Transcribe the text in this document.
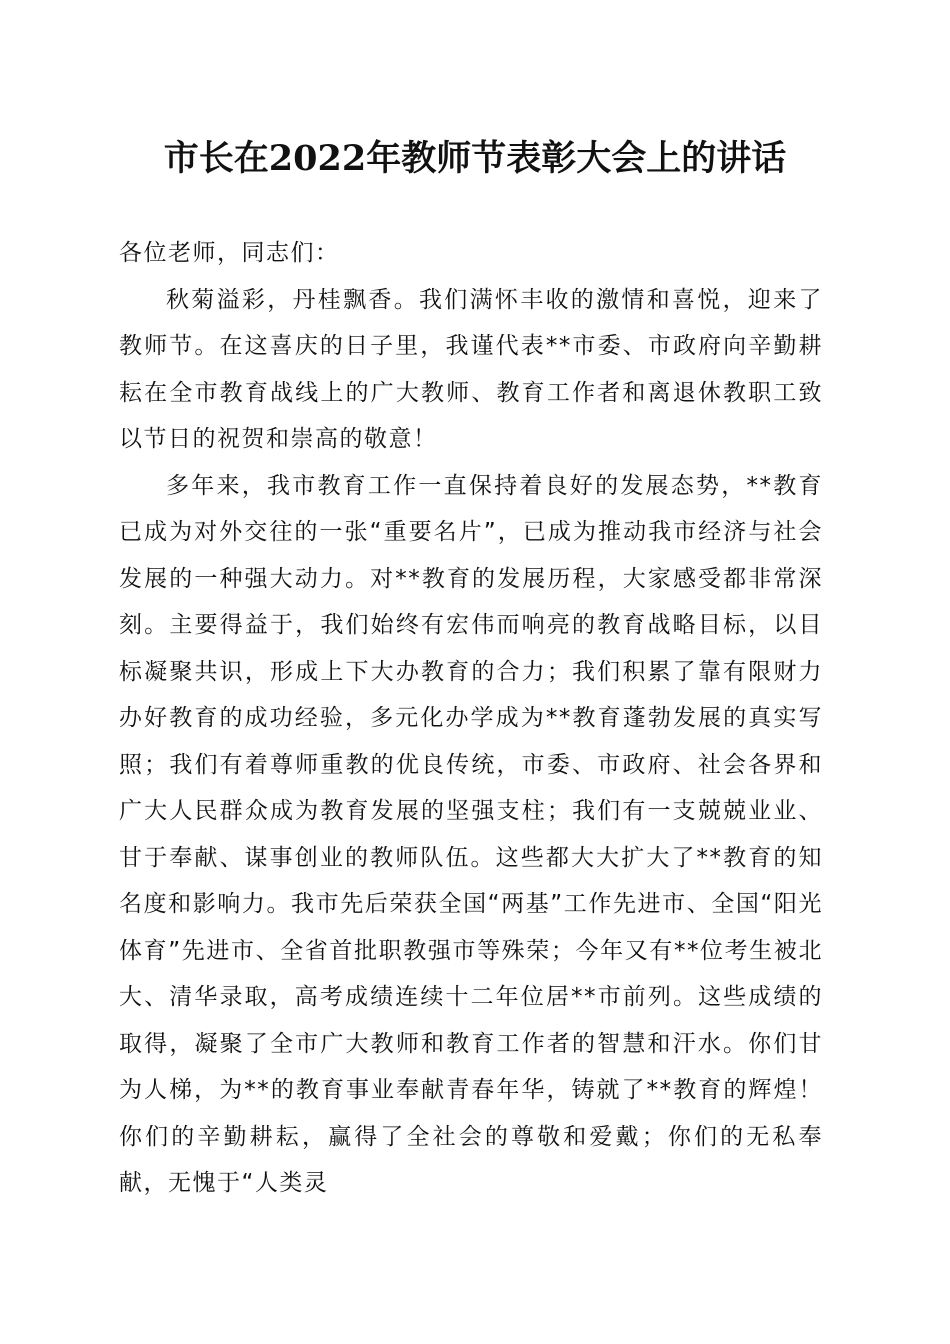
市长在2022年教师节表彰大会上的讲话

各位老师，同志们：

秋菊溢彩，丹桂飘香。我们满怀丰收的激情和喜悦，迎来了教师节。在这喜庆的日子里，我谨代表**市委、市政府向辛勤耕耘在全市教育战线上的广大教师、教育工作者和离退休教职工致以节日的祝贺和崇高的敬意！

多年来，我市教育工作一直保持着良好的发展态势，**教育已成为对外交往的一张“重要名片”，已成为推动我市经济与社会发展的一种强大动力。对**教育的发展历程，大家感受都非常深刻。主要得益于，我们始终有宏伟而响亮的教育战略目标，以目标凝聚共识，形成上下大办教育的合力；我们积累了靠有限财力办好教育的成功经验，多元化办学成为**教育蓬勃发展的真实写照；我们有着尊师重教的优良传统，市委、市政府、社会各界和广大人民群众成为教育发展的坚强支柱；我们有一支兢兢业业、甘于奉献、谋事创业的教师队伍。这些都大大扩大了**教育的知名度和影响力。我市先后荣获全国“两基”工作先进市、全国“阳光体育”先进市、全省首批职教强市等殊荣；今年又有**位考生被北大、清华录取，高考成绩连续十二年位居**市前列。这些成绩的取得，凝聚了全市广大教师和教育工作者的智慧和汗水。你们甘为人梯，为**的教育事业奉献青春年华，铸就了**教育的辉煌！你们的辛勤耕耘，赢得了全社会的尊敬和爱戴；你们的无私奉献，无愧于“人类灵
